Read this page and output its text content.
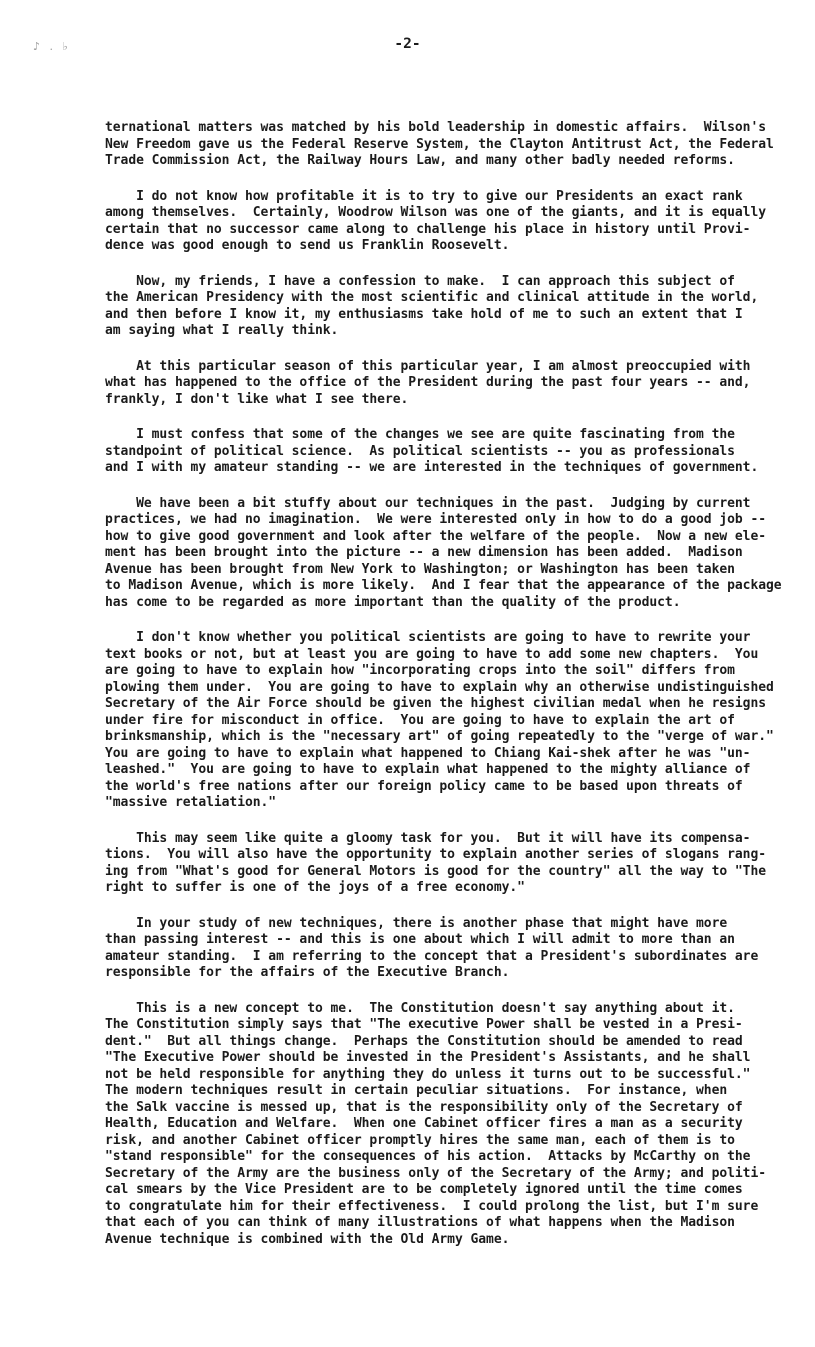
♪ . ♭	-2-
ternational matters was matched by his bold leadership in domestic affairs.  Wilson's
New Freedom gave us the Federal Reserve System, the Clayton Antitrust Act, the Federal
Trade Commission Act, the Railway Hours Law, and many other badly needed reforms.
I do not know how profitable it is to try to give our Presidents an exact rank
among themselves.  Certainly, Woodrow Wilson was one of the giants, and it is equally
certain that no successor came along to challenge his place in history until Provi-
dence was good enough to send us Franklin Roosevelt.
Now, my friends, I have a confession to make.  I can approach this subject of
the American Presidency with the most scientific and clinical attitude in the world,
and then before I know it, my enthusiasms take hold of me to such an extent that I
am saying what I really think.
At this particular season of this particular year, I am almost preoccupied with
what has happened to the office of the President during the past four years -- and,
frankly, I don't like what I see there.
I must confess that some of the changes we see are quite fascinating from the
standpoint of political science.  As political scientists -- you as professionals
and I with my amateur standing -- we are interested in the techniques of government.
We have been a bit stuffy about our techniques in the past.  Judging by current
practices, we had no imagination.  We were interested only in how to do a good job --
how to give good government and look after the welfare of the people.  Now a new ele-
ment has been brought into the picture -- a new dimension has been added.  Madison
Avenue has been brought from New York to Washington; or Washington has been taken
to Madison Avenue, which is more likely.  And I fear that the appearance of the package
has come to be regarded as more important than the quality of the product.
I don't know whether you political scientists are going to have to rewrite your
text books or not, but at least you are going to have to add some new chapters.  You
are going to have to explain how "incorporating crops into the soil" differs from
plowing them under.  You are going to have to explain why an otherwise undistinguished
Secretary of the Air Force should be given the highest civilian medal when he resigns
under fire for misconduct in office.  You are going to have to explain the art of
brinksmanship, which is the "necessary art" of going repeatedly to the "verge of war."
You are going to have to explain what happened to Chiang Kai-shek after he was "un-
leashed."  You are going to have to explain what happened to the mighty alliance of
the world's free nations after our foreign policy came to be based upon threats of
"massive retaliation."
This may seem like quite a gloomy task for you.  But it will have its compensa-
tions.  You will also have the opportunity to explain another series of slogans rang-
ing from "What's good for General Motors is good for the country" all the way to "The
right to suffer is one of the joys of a free economy."
In your study of new techniques, there is another phase that might have more
than passing interest -- and this is one about which I will admit to more than an
amateur standing.  I am referring to the concept that a President's subordinates are
responsible for the affairs of the Executive Branch.
This is a new concept to me.  The Constitution doesn't say anything about it.
The Constitution simply says that "The executive Power shall be vested in a Presi-
dent."  But all things change.  Perhaps the Constitution should be amended to read
"The Executive Power should be invested in the President's Assistants, and he shall
not be held responsible for anything they do unless it turns out to be successful."
The modern techniques result in certain peculiar situations.  For instance, when
the Salk vaccine is messed up, that is the responsibility only of the Secretary of
Health, Education and Welfare.  When one Cabinet officer fires a man as a security
risk, and another Cabinet officer promptly hires the same man, each of them is to
"stand responsible" for the consequences of his action.  Attacks by McCarthy on the
Secretary of the Army are the business only of the Secretary of the Army; and politi-
cal smears by the Vice President are to be completely ignored until the time comes
to congratulate him for their effectiveness.  I could prolong the list, but I'm sure
that each of you can think of many illustrations of what happens when the Madison
Avenue technique is combined with the Old Army Game.
